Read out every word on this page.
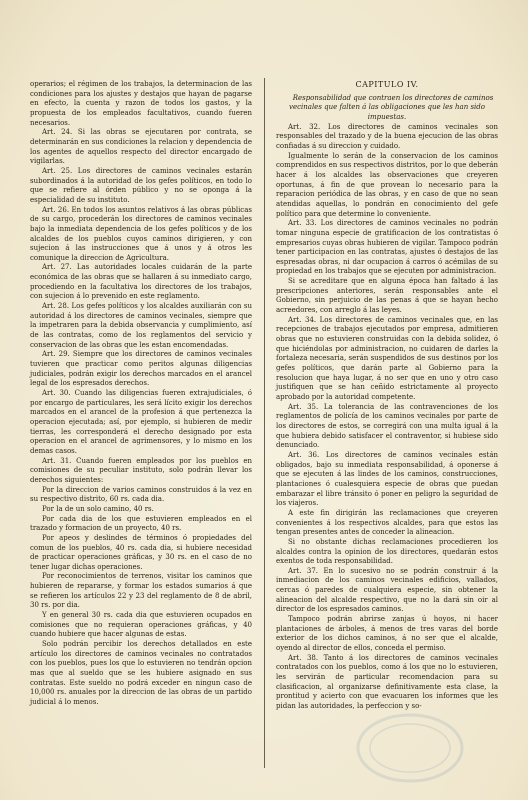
operarios; el régimen de los trabajos, la determinacion de las condiciones para los ajustes y destajos que hayan de pagarse en efecto, la cuenta y razon de todos los gastos, y la propuesta de los empleados facultativos, cuando fueren necesarios.

Art. 24. Si las obras se ejecutaren por contrata, se determinarán en sus condiciones la relacion y dependencia de los agentes de aquellos respecto del director encargado de vigilarlas.

Art. 25. Los directores de caminos vecinales estarán subordinados á la autoridad de los gefes políticos, en todo lo que se refiere al órden público y no se oponga á la especialidad de su instituto.

Art. 26. En todos los asuntos relativos á las obras públicas de su cargo, procederán los directores de caminos vecinales bajo la inmediata dependencia de los gefes políticos y de los alcaldes de los pueblos cuyos caminos dirigieren, y con sujecion á las instrucciones que á unos y á otros les comunique la direccion de Agricultura.

Art. 27. Las autoridades locales cuidarán de la parte económica de las obras que se hallaren á su inmediato cargo, procediendo en la facultativa los directores de los trabajos, con sujecion á lo prevenido en este reglamento.

Art. 28. Los gefes políticos y los alcaldes auxiliarán con su autoridad á los directores de caminos vecinales, siempre que la impetraren para la debida observancia y cumplimiento, así de las contratas, como de los reglamentos del servicio y conservacion de las obras que les estan encomendadas.

Art. 29. Siempre que los directores de caminos vecinales tuvieren que practicar como peritos algunas diligencias judiciales, podrán exigir los derechos marcados en el arancel legal de los espresados derechos.

Art. 30. Cuando las diligencias fueren extrajudiciales, ó por encargo de particulares, les será lícito exigir los derechos marcados en el arancel de la profesion á que pertenezca la operacion ejecutada; así, por ejemplo, si hubieren de medir tierras, les corresponderá el derecho designado por esta operacion en el arancel de agrimensores, y lo mismo en los demas casos.

Art. 31. Cuando fueren empleados por los pueblos en comisiones de su peculiar instituto, solo podrán llevar los derechos siguientes:

Por la direccion de varios caminos construidos á la vez en su respectivo distrito, 60 rs. cada dia.

Por la de un solo camino, 40 rs.

Por cada dia de los que estuvieren empleados en el trazado y formacion de un proyecto, 40 rs.

Por apeos y deslindes de términos ó propiedades del comun de los pueblos, 40 rs. cada dia, si hubiere necesidad de practicar operaciones gráficas, y 30 rs. en el caso de no tener lugar dichas operaciones.

Por reconocimientos de terrenos, visitar los caminos que hubieren de repararse, y formar los estados sumarios á que se refieren los artículos 22 y 23 del reglamento de 8 de abril, 30 rs. por dia.

Y en general 30 rs. cada dia que estuvieren ocupados en comisiones que no requieran operaciones gráficas, y 40 cuando hubiere que hacer algunas de estas.

Solo podrán percibir los derechos detallados en este artículo los directores de caminos vecinales no contratados con los pueblos, pues los que lo estuvieren no tendrán opcion mas que al sueldo que se les hubiere asignado en sus contratas. Este sueldo no podrá exceder en ningun caso de 10,000 rs. anuales por la direccion de las obras de un partido judicial á lo menos.

CAPITULO IV.

Responsabilidad que contraen los directores de caminos vecinales que falten á las obligaciones que les han sido impuestas.

Art. 32. Los directores de caminos vecinales son responsables del trazado y de la buena ejecucion de las obras confiadas á su direccion y cuidado.

Igualmente lo serán de la conservacion de los caminos comprendidos en sus respectivos distritos, por lo que deberán hacer á los alcaldes las observaciones que creyeren oportunas, á fin de que provean lo necesario para la reparacion periódica de las obras, y en caso de que no sean atendidas aquellas, lo pondrán en conocimiento del gefe político para que determine lo conveniente.

Art. 33. Los directores de caminos vecinales no podrán tomar ninguna especie de gratificacion de los contratistas ó empresarios cuyas obras hubieren de vigilar. Tampoco podrán tener participacion en las contratas, ajustes ó destajos de las espresadas obras, ni dar ocupacion á carros ó acémilas de su propiedad en los trabajos que se ejecuten por administracion.

Si se acreditare que en alguna época han faltado á las prescripciones anteriores, serán responsables ante el Gobierno, sin perjuicio de las penas á que se hayan hecho acreedores, con arreglo á las leyes.

Art. 34. Los directores de caminos vecinales que, en las recepciones de trabajos ejecutados por empresa, admitieren obras que no estuvieren construidas con la debida solidez, ó que hiciéndolas por administracion, no cuidaren de darles la fortaleza necesaria, serán suspendidos de sus destinos por los gefes políticos, que darán parte al Gobierno para la resolucion que haya lugar, á no ser que en uno y otro caso justifiquen que se han ceñido estrictamente al proyecto aprobado por la autoridad competente.

Art. 35. La tolerancia de las contravenciones de los reglamentos de policía de los caminos vecinales por parte de los directores de estos, se corregirá con una multa igual á la que hubiera debido satisfacer el contraventor, si hubiese sido denunciado.

Art. 36. Los directores de caminos vecinales están obligados, bajo su inmediata responsabilidad, á oponerse á que se ejecuten á las lindes de los caminos, construcciones, plantaciones ó cualesquiera especie de obras que puedan embarazar el libre tránsito ó poner en peligro la seguridad de los viajeros.

A este fin dirigirán las reclamaciones que creyeren convenientes á los respectivos alcaldes, para que estos las tengan presentes antes de conceder la alineacion.

Si no obstante dichas reclamaciones procedieren los alcaldes contra la opinion de los directores, quedarán estos exentos de toda responsabilidad.

Art. 37. En lo sucesivo no se podrán construir á la inmediacion de los caminos vecinales edificios, vallados, cercas ó paredes de cualquiera especie, sin obtener la alineacion del alcalde respectivo, que no la dará sin oir al director de los espresados caminos.

Tampoco podrán abrirse zanjas ú hoyos, ni hacer plantaciones de árboles, á menos de tres varas del borde exterior de los dichos caminos, á no ser que el alcalde, oyendo al director de ellos, conceda el permiso.

Art. 38. Tanto á los directores de caminos vecinales contratados con los pueblos, como á los que no lo estuvieren, les servirán de particular recomendacion para su clasificacion, al organizarse definitivamente esta clase, la prontitud y acierto con que evacuaren los informes que les pidan las autoridades, la perfeccion y so-
